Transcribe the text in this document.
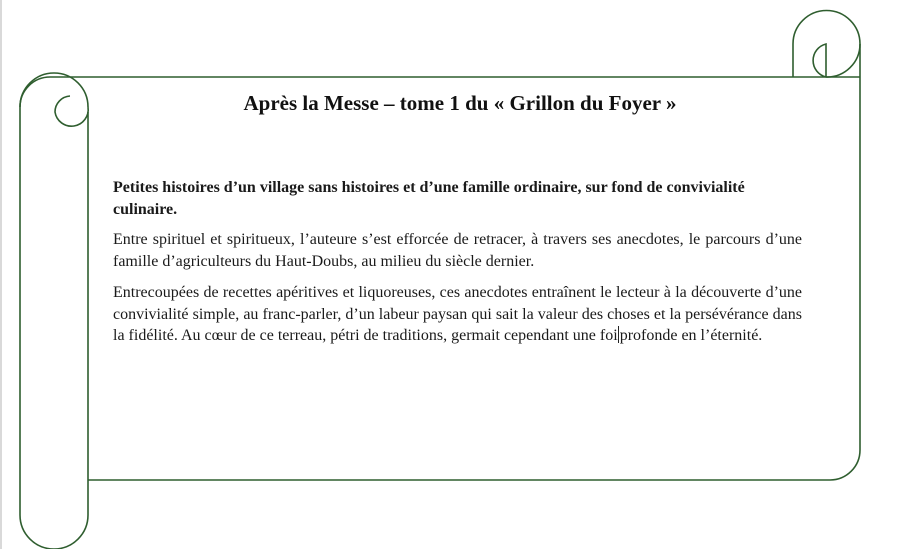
Après la Messe – tome 1 du « Grillon du Foyer »

Petites histoires d’un village sans histoires et d’une famille ordinaire, sur fond de convivialité culinaire.

Entre spirituel et spiritueux, l’auteure s’est efforcée de retracer, à travers ses anecdotes, le parcours d’une famille d’agriculteurs du Haut-Doubs, au milieu du siècle dernier.

Entrecoupées de recettes apéritives et liquoreuses, ces anecdotes entraînent le lecteur à la découverte d’une convivialité simple, au franc-parler, d’un labeur paysan qui sait la valeur des choses et la persévérance dans la fidélité. Au cœur de ce terreau, pétri de traditions, germait cependant une foi profonde en l’éternité.
